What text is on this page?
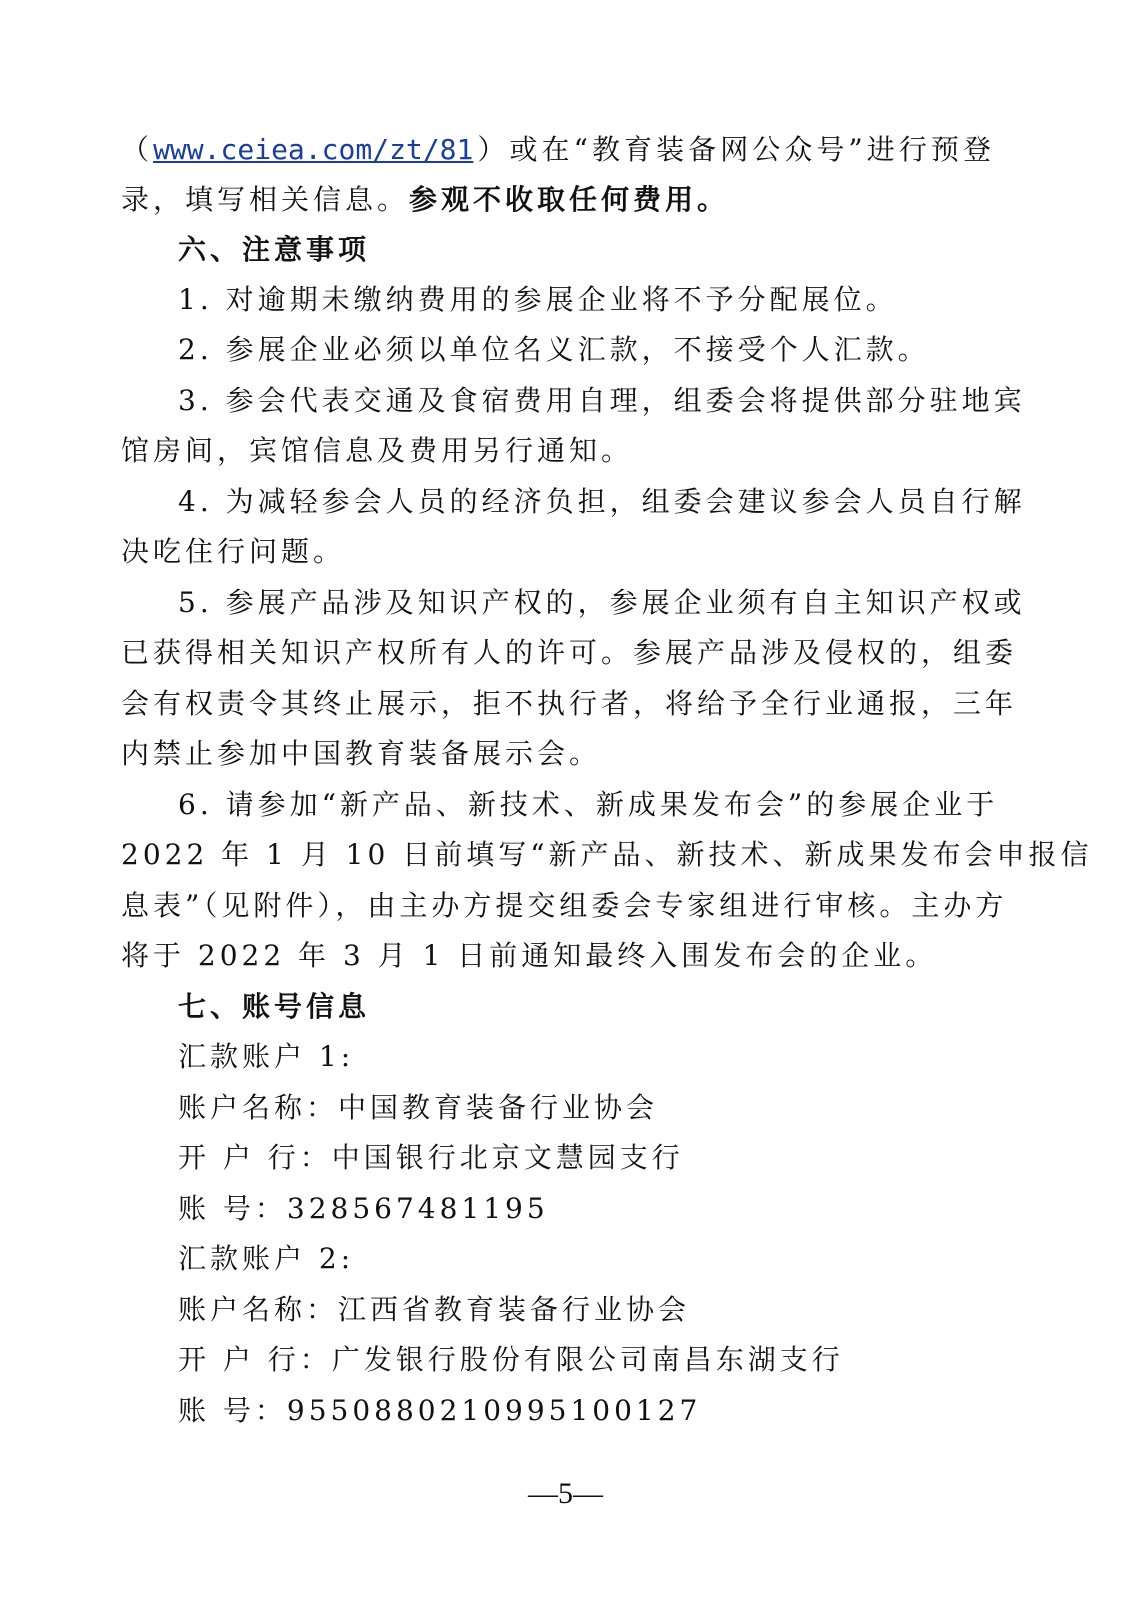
（www.ceiea.com/zt/81）或在“教育装备网公众号”进行预登
录，填写相关信息。参观不收取任何费用。
六、注意事项
1. 对逾期未缴纳费用的参展企业将不予分配展位。
2. 参展企业必须以单位名义汇款，不接受个人汇款。
3. 参会代表交通及食宿费用自理，组委会将提供部分驻地宾
馆房间，宾馆信息及费用另行通知。
4. 为减轻参会人员的经济负担，组委会建议参会人员自行解
决吃住行问题。
5. 参展产品涉及知识产权的，参展企业须有自主知识产权或
已获得相关知识产权所有人的许可。参展产品涉及侵权的，组委
会有权责令其终止展示，拒不执行者，将给予全行业通报，三年
内禁止参加中国教育装备展示会。
6. 请参加“新产品、新技术、新成果发布会”的参展企业于
2022 年 1 月 10 日前填写“新产品、新技术、新成果发布会申报信
息表”（见附件），由主办方提交组委会专家组进行审核。主办方
将于 2022 年 3 月 1 日前通知最终入围发布会的企业。
七、账号信息
汇款账户 1:
账户名称：中国教育装备行业协会
开 户 行：中国银行北京文慧园支行
账 号：328567481195
汇款账户 2:
账户名称：江西省教育装备行业协会
开 户 行：广发银行股份有限公司南昌东湖支行
账 号：9550880210995100127
—5—
